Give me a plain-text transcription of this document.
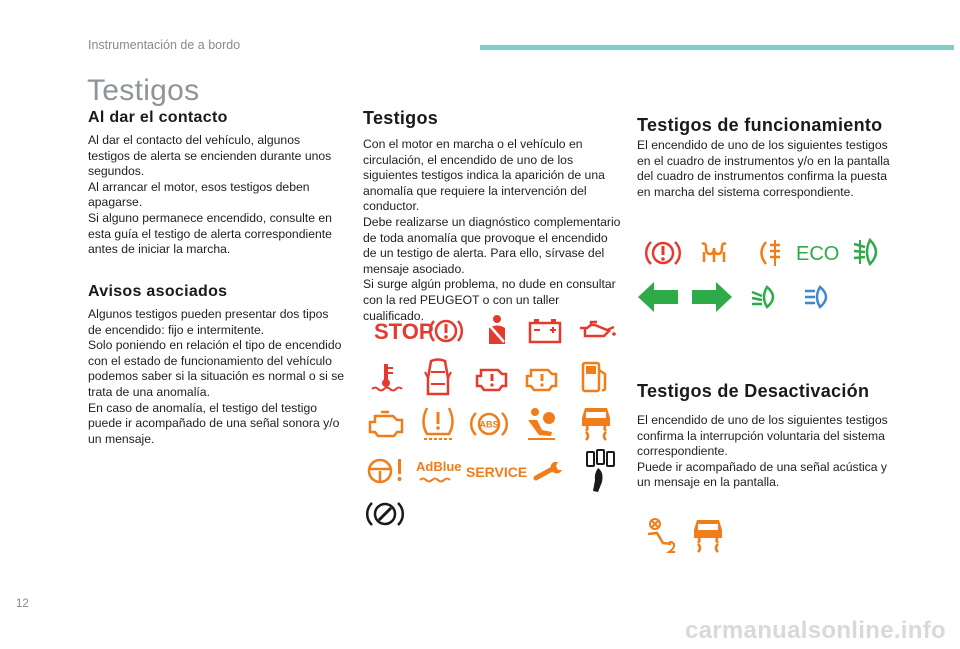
Instrumentación de a bordo
Testigos
Al dar el contacto
Al dar el contacto del vehículo, algunos
testigos de alerta se encienden durante unos
segundos.
Al arrancar el motor, esos testigos deben
apagarse.
Si alguno permanece encendido, consulte en
esta guía el testigo de alerta correspondiente
antes de iniciar la marcha.
Avisos asociados
Algunos testigos pueden presentar dos tipos
de encendido: fijo e intermitente.
Solo poniendo en relación el tipo de encendido
con el estado de funcionamiento del vehículo
podemos saber si la situación es normal o si se
trata de una anomalía.
En caso de anomalía, el testigo del testigo
puede ir acompañado de una señal sonora y/o
un mensaje.
Testigos
Con el motor en marcha o el vehículo en
circulación, el encendido de uno de los
siguientes testigos indica la aparición de una
anomalía que requiere la intervención del
conductor.
Debe realizarse un diagnóstico complementario
de toda anomalía que provoque el encendido
de un testigo de alerta. Para ello, sírvase del
mensaje asociado.
Si surge algún problema, no dude en consultar
con la red PEUGEOT o con un taller cualificado.
STOP
ABS
AdBlue SERVICE
Testigos de funcionamiento
El encendido de uno de los siguientes testigos
en el cuadro de instrumentos y/o en la pantalla
del cuadro de instrumentos confirma la puesta
en marcha del sistema correspondiente.
ECO
Testigos de Desactivación
El encendido de uno de los siguientes testigos
confirma la interrupción voluntaria del sistema
correspondiente.
Puede ir acompañado de una señal acústica y
un mensaje en la pantalla.
12
carmanualsonline.info
